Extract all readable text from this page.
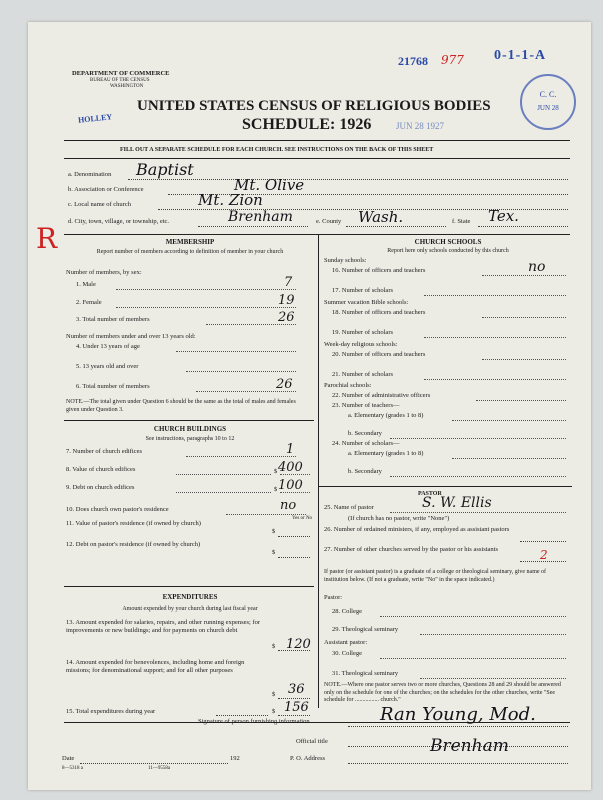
21768 977 0-1-1-A
HOLLEY
C. C.
JUN 28
DEPARTMENT OF COMMERCE
BUREAU OF THE CENSUS
WASHINGTON
UNITED STATES CENSUS OF RELIGIOUS BODIES
SCHEDULE: 1926	JUN 28 1927
FILL OUT A SEPARATE SCHEDULE FOR EACH CHURCH. SEE INSTRUCTIONS ON THE BACK OF THIS SHEET
a. Denomination Baptist
b. Association or Conference	Mt. Olive
c. Local name of church	Mt. Zion
d. City, town, village, or township, etc.	Brenham	e. County Wash.	f. State Tex.
R	MEMBERSHIP
Report number of members according to definition of member in your church
Number of members, by sex:
1. Male	7
2. Female	19
3. Total number of members	26
Number of members under and over 13 years old:
4. Under 13 years of age
5. 13 years old and over
6. Total number of members	26
NOTE.—The total given under Question 6 should be the same as the total of males and females given under Question 3.
CHURCH BUILDINGS
See instructions, paragraphs 10 to 12
7. Number of church edifices	1
8. Value of church edifices	$ 400
9. Debt on church edifices	$ 100
10. Does church own pastor's residence	no
Yes or No
11. Value of pastor's residence (if owned by church)
$
12. Debt on pastor's residence (if owned by church)
$
EXPENDITURES
Amount expended by your church during last fiscal year
13. Amount expended for salaries, repairs, and other running expenses; for improvements or new buildings; and for payments on church debt
$ 120
14. Amount expended for benevolences, including home and foreign missions; for denominational support; and for all other purposes
$ 36
15. Total expenditures during year	$ 156
CHURCH SCHOOLS
Report here only schools conducted by this church
Sunday schools:
16. Number of officers and teachers	no
17. Number of scholars
Summer vacation Bible schools:
18. Number of officers and teachers
19. Number of scholars
Week-day religious schools:
20. Number of officers and teachers
21. Number of scholars
Parochial schools:
22. Number of administrative officers
23. Number of teachers—
a. Elementary (grades 1 to 8)
b. Secondary
24. Number of scholars—
a. Elementary (grades 1 to 8)
b. Secondary
PASTOR
25. Name of pastor	S. W. Ellis
(If church has no pastor, write "None")
26. Number of ordained ministers, if any, employed as assistant pastors
27. Number of other churches served by the pastor or his assistants	2
If pastor (or assistant pastor) is a graduate of a college or theological seminary, give name of institution below. (If not a graduate, write "No" in the space indicated.)
Pastor:
28. College
29. Theological seminary
Assistant pastor:
30. College
31. Theological seminary
NOTE.—Where one pastor serves two or more churches, Questions 28 and 29 should be answered only on the schedule for one of the churches; on the schedules for the other churches, write "See schedule for ................ church."
Signature of person furnishing information	Ran Young, Mod.
Official title
Date	192	P. O. Address
Brenham
8—5318 a	11—9558a
